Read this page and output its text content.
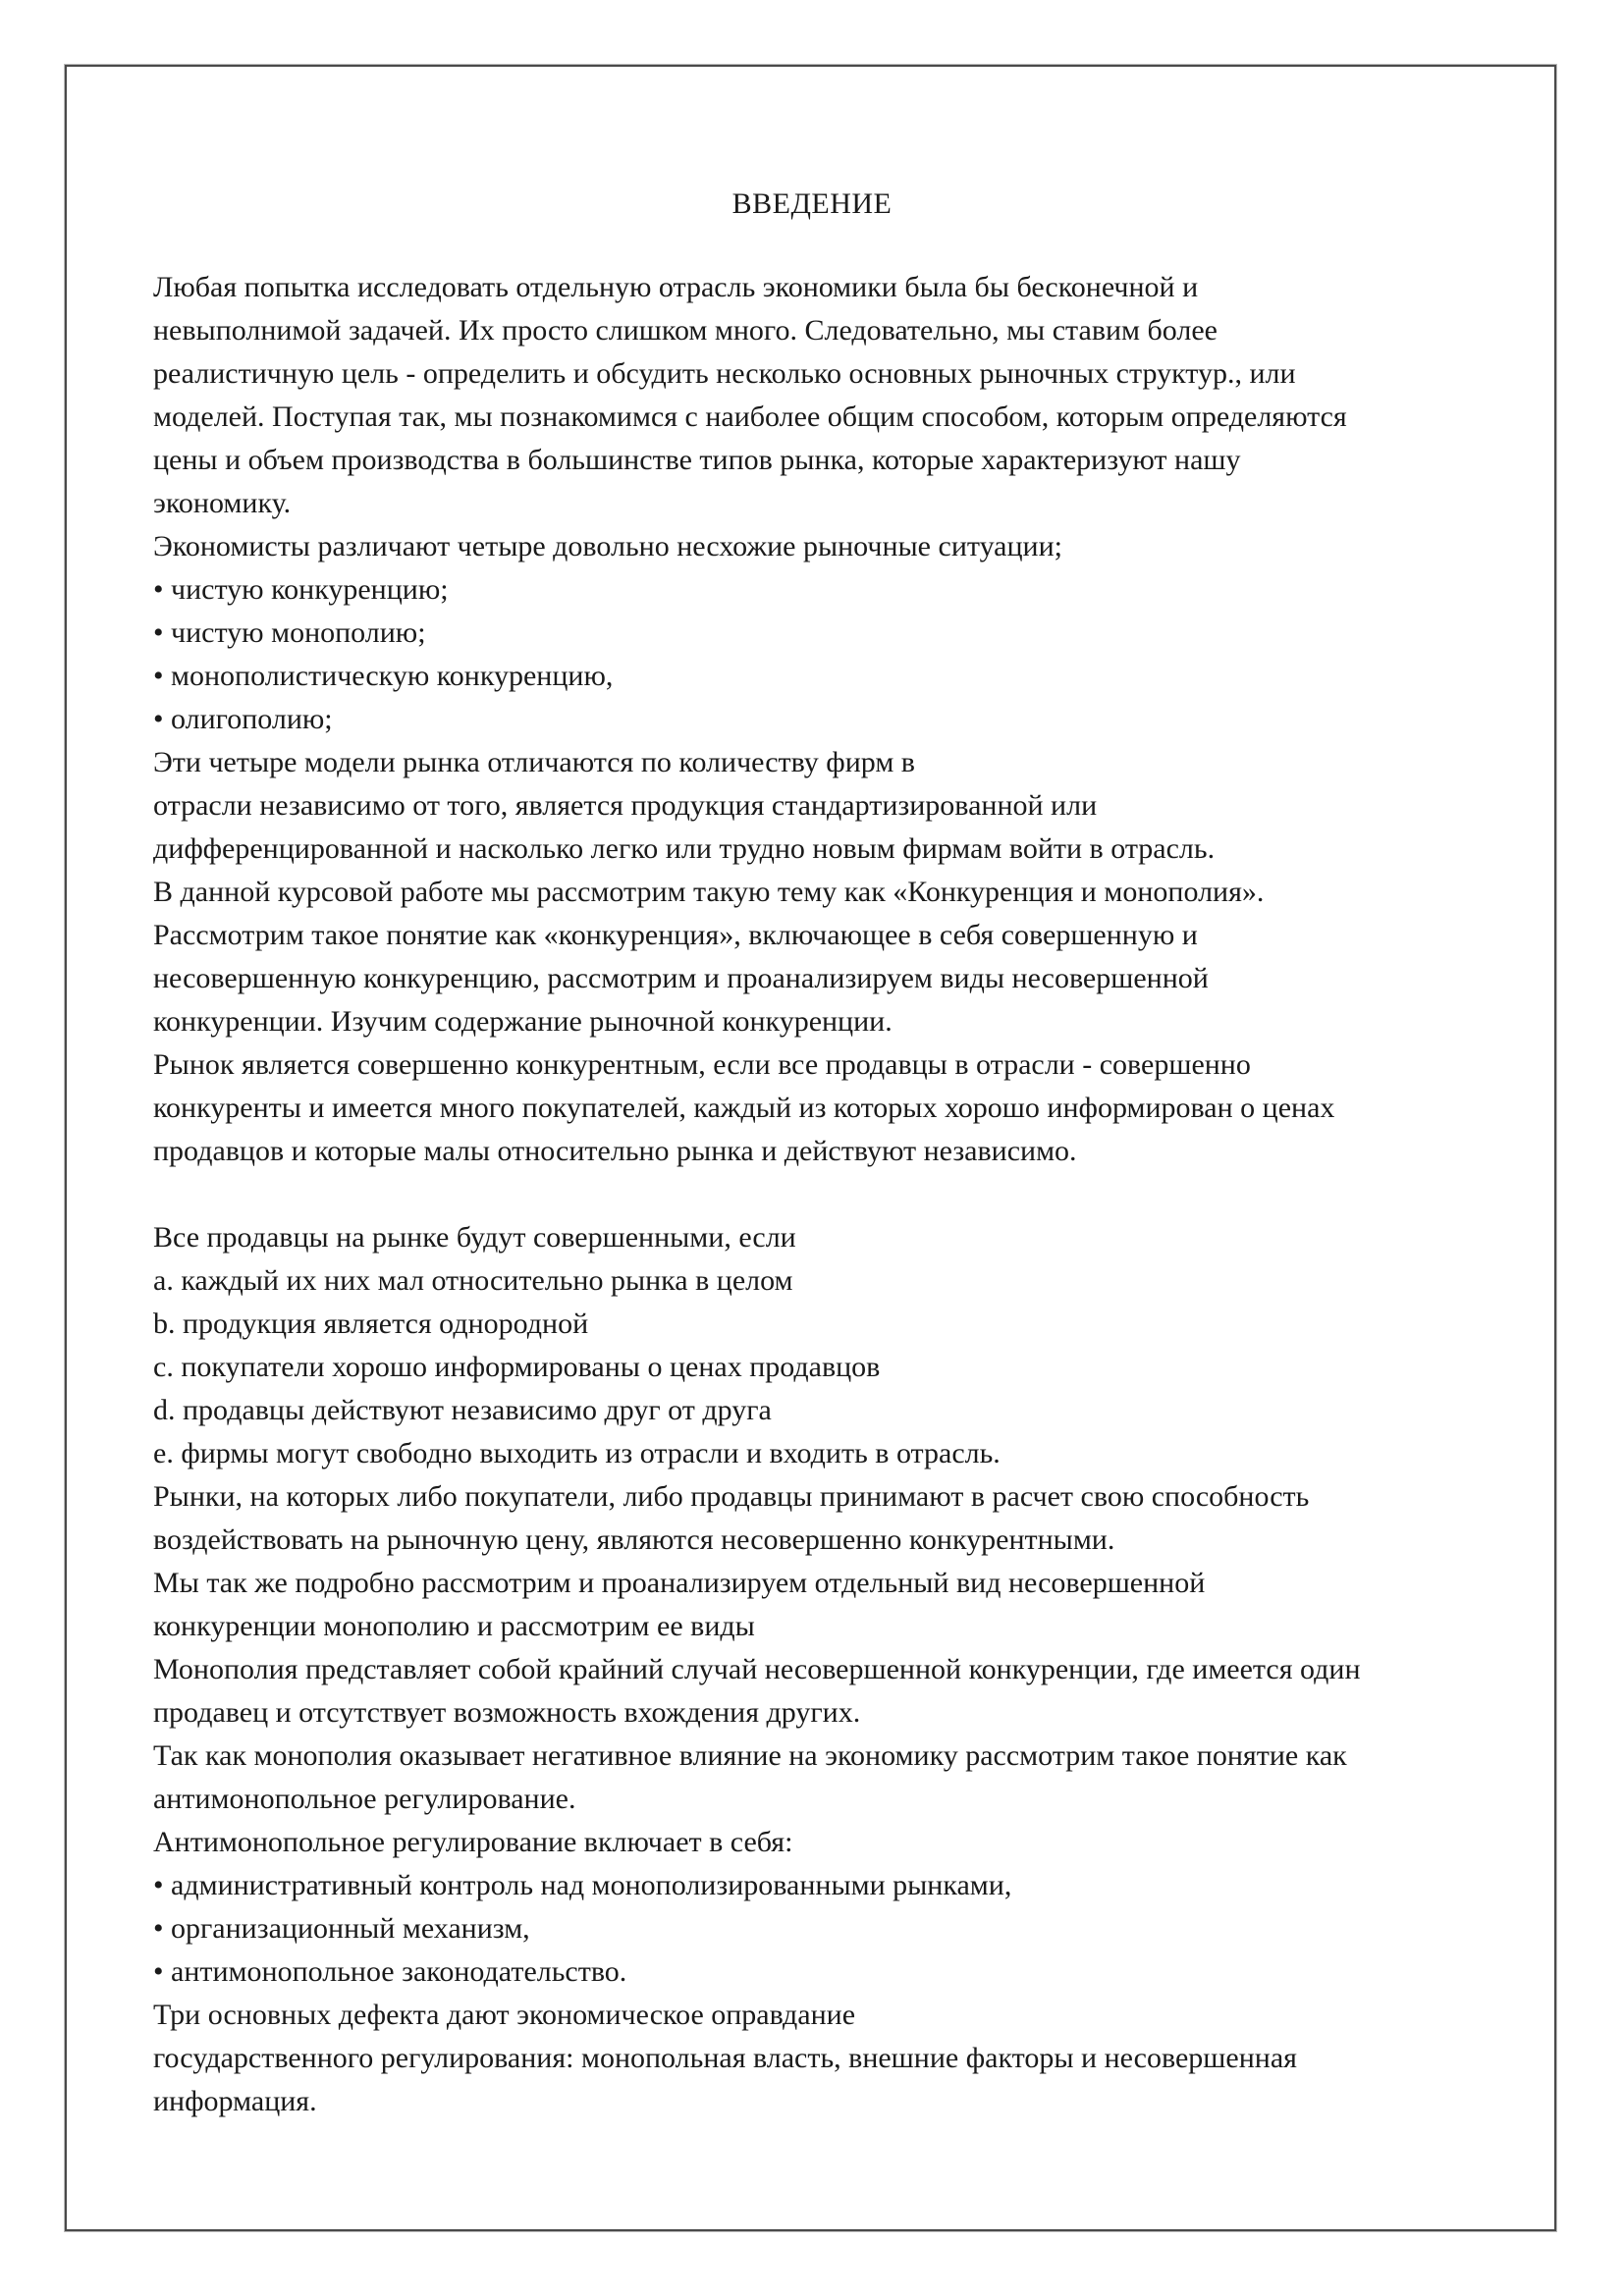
ВВЕДЕНИЕ
Любая попытка исследовать отдельную отрасль экономики была бы бесконечной и
невыполнимой задачей. Их просто слишком много. Следовательно, мы ставим более
реалистичную цель - определить и обсудить несколько основных рыночных структур., или
моделей. Поступая так, мы познакомимся с наиболее общим способом, которым определяются
цены и объем производства в большинстве типов рынка, которые характеризуют нашу
экономику.
Экономисты различают четыре довольно несхожие рыночные ситуации;
• чистую конкуренцию;
• чистую монополию;
• монополистическую конкуренцию,
• олигополию;
Эти четыре модели рынка отличаются по количеству фирм в
отрасли независимо от того, является продукция стандартизированной или
дифференцированной и насколько легко или трудно новым фирмам войти в отрасль.
В данной курсовой работе мы рассмотрим такую тему как «Конкуренция и монополия».
Рассмотрим такое понятие как «конкуренция», включающее в себя совершенную и
несовершенную конкуренцию, рассмотрим и проанализируем виды несовершенной
конкуренции. Изучим содержание рыночной конкуренции.
Рынок является совершенно конкурентным, если все продавцы в отрасли - совершенно
конкуренты и имеется много покупателей, каждый из которых хорошо информирован о ценах
продавцов и которые малы относительно рынка и действуют независимо.
Все продавцы на рынке будут совершенными, если
a. каждый их них мал относительно рынка в целом
b. продукция является однородной
c. покупатели хорошо информированы о ценах продавцов
d. продавцы действуют независимо друг от друга
e. фирмы могут свободно выходить из отрасли и входить в отрасль.
Рынки, на которых либо покупатели, либо продавцы принимают в расчет свою способность
воздействовать на рыночную цену, являются несовершенно конкурентными.
Мы так же подробно рассмотрим и проанализируем отдельный вид несовершенной
конкуренции монополию и рассмотрим ее виды
Монополия представляет собой крайний случай несовершенной конкуренции, где имеется один
продавец и отсутствует возможность вхождения других.
Так как монополия оказывает негативное влияние на экономику рассмотрим такое понятие как
антимонопольное регулирование.
Антимонопольное регулирование включает в себя:
• административный контроль над монополизированными рынками,
• организационный механизм,
• антимонопольное законодательство.
Три основных дефекта дают экономическое оправдание
государственного регулирования: монопольная власть, внешние факторы и несовершенная
информация.
